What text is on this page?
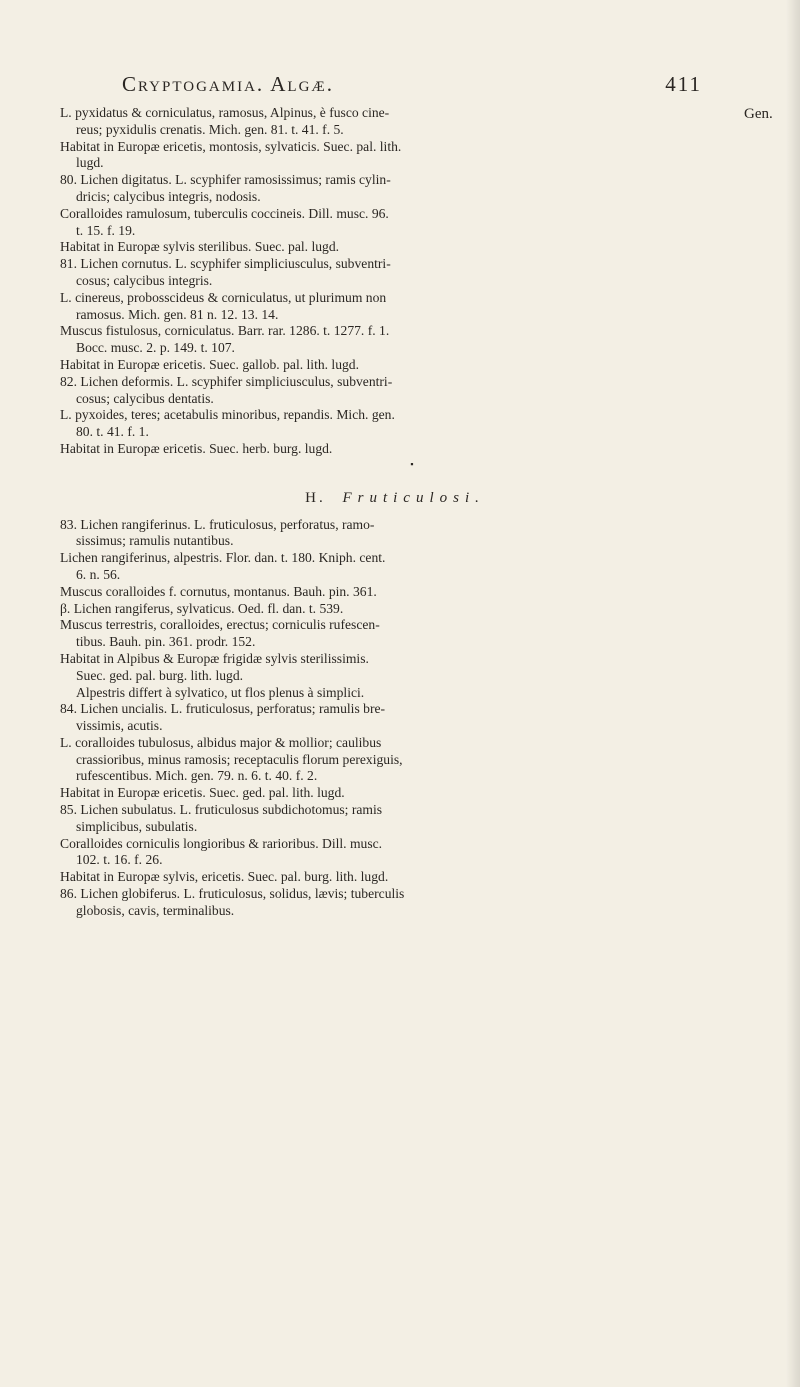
Cryptogamia. Algæ.	411
Gen.
L. pyxidatus & corniculatus, ramosus, Alpinus, è fusco cine-
reus; pyxidulis crenatis. Mich. gen. 81. t. 41. f. 5.
Habitat in Europæ ericetis, montosis, sylvaticis. Suec. pal. lith.
lugd.
80. Lichen digitatus. L. scyphifer ramosissimus; ramis cylin-
dricis; calycibus integris, nodosis.
Coralloides ramulosum, tuberculis coccineis. Dill. musc. 96.
t. 15. f. 19.
Habitat in Europæ sylvis sterilibus. Suec. pal. lugd.
81. Lichen cornutus. L. scyphifer simpliciusculus, subventri-
cosus; calycibus integris.
L. cinereus, probosscideus & corniculatus, ut plurimum non
ramosus. Mich. gen. 81 n. 12. 13. 14.
Muscus fistulosus, corniculatus. Barr. rar. 1286. t. 1277. f. 1.
Bocc. musc. 2. p. 149. t. 107.
Habitat in Europæ ericetis. Suec. gallob. pal. lith. lugd.
82. Lichen deformis. L. scyphifer simpliciusculus, subventri-
cosus; calycibus dentatis.
L. pyxoides, teres; acetabulis minoribus, repandis. Mich. gen.
80. t. 41. f. 1.
Habitat in Europæ ericetis. Suec. herb. burg. lugd.
▪
H. Fruticulosi.
83. Lichen rangiferinus. L. fruticulosus, perforatus, ramo-
sissimus; ramulis nutantibus.
Lichen rangiferinus, alpestris. Flor. dan. t. 180. Kniph. cent.
6. n. 56.
Muscus coralloides f. cornutus, montanus. Bauh. pin. 361.
β. Lichen rangiferus, sylvaticus. Oed. fl. dan. t. 539.
Muscus terrestris, coralloides, erectus; corniculis rufescen-
tibus. Bauh. pin. 361. prodr. 152.
Habitat in Alpibus & Europæ frigidæ sylvis sterilissimis.
Suec. ged. pal. burg. lith. lugd.
Alpestris differt à sylvatico, ut flos plenus à simplici.
84. Lichen uncialis. L. fruticulosus, perforatus; ramulis bre-
vissimis, acutis.
L. coralloides tubulosus, albidus major & mollior; caulibus
crassioribus, minus ramosis; receptaculis florum perexiguis,
rufescentibus. Mich. gen. 79. n. 6. t. 40. f. 2.
Habitat in Europæ ericetis. Suec. ged. pal. lith. lugd.
85. Lichen subulatus. L. fruticulosus subdichotomus; ramis
simplicibus, subulatis.
Coralloides corniculis longioribus & rarioribus. Dill. musc.
102. t. 16. f. 26.
Habitat in Europæ sylvis, ericetis. Suec. pal. burg. lith. lugd.
86. Lichen globiferus. L. fruticulosus, solidus, lævis; tuberculis
globosis, cavis, terminalibus.
